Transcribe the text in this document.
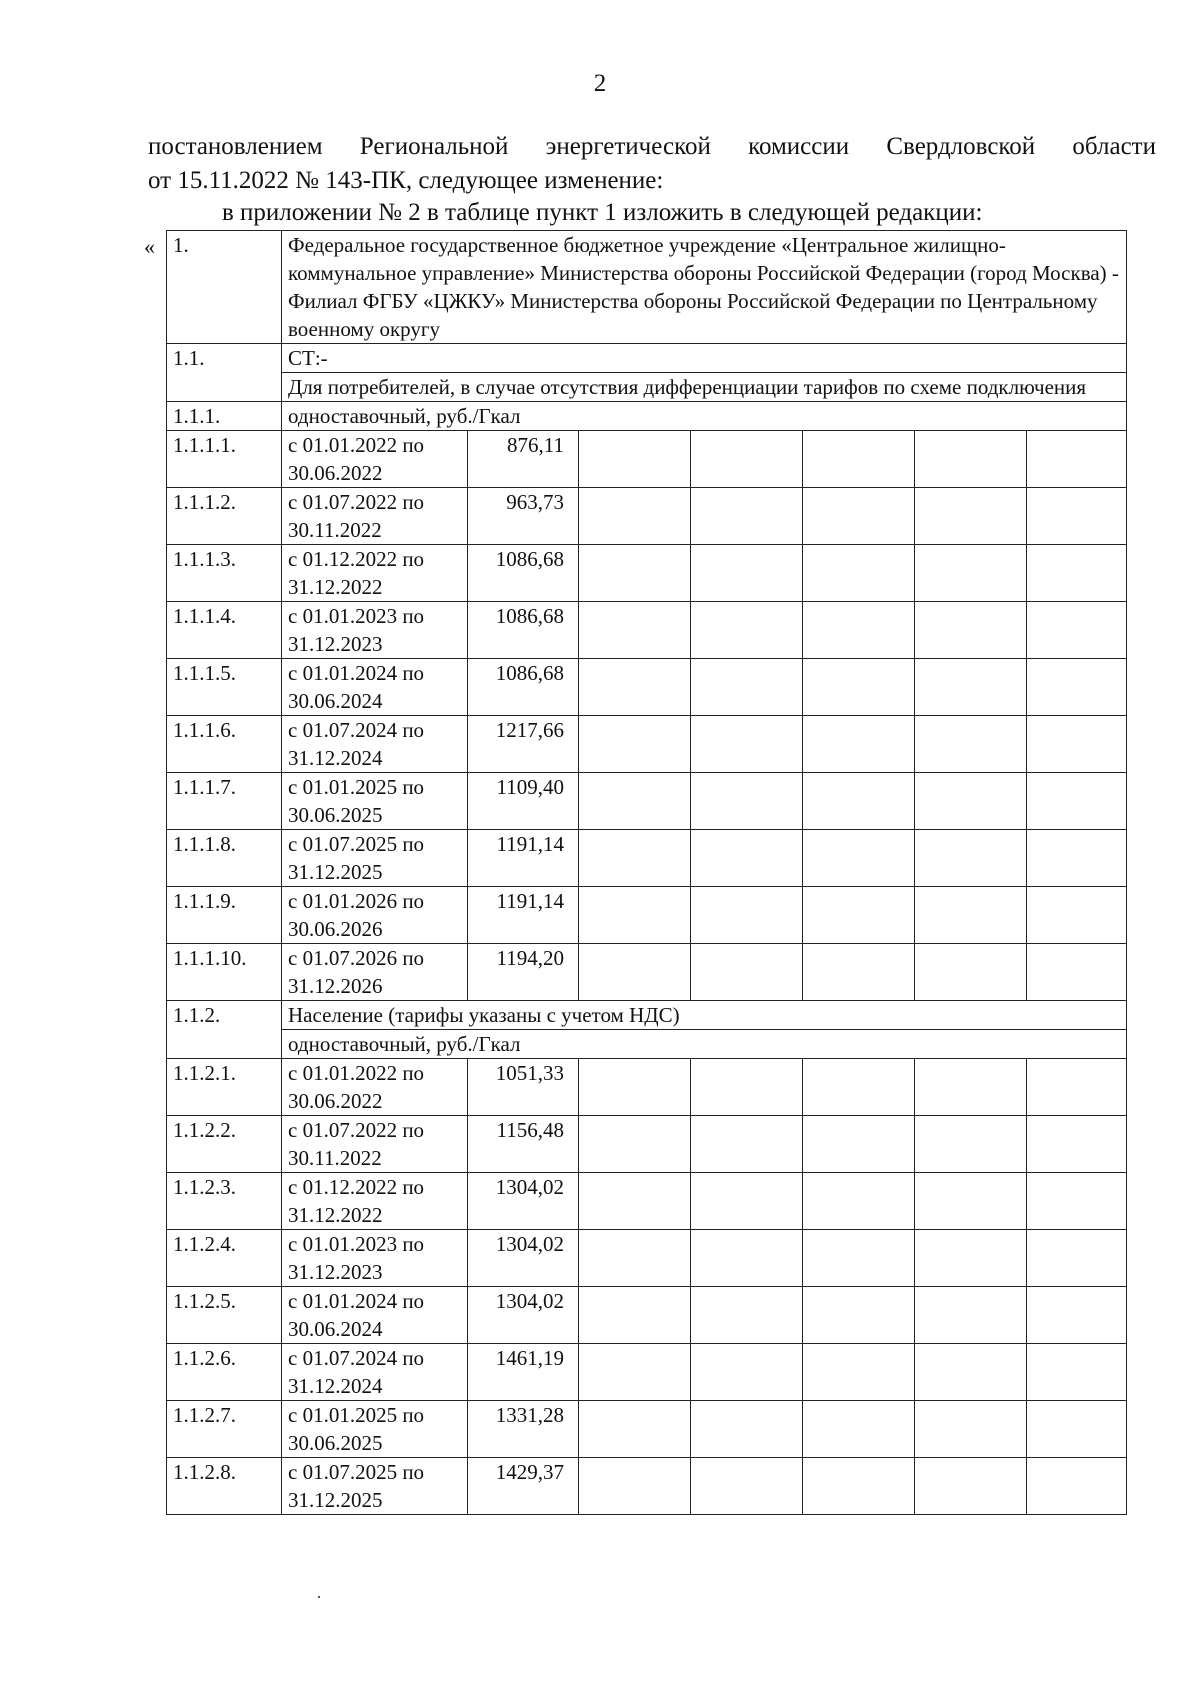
2
постановлением Региональной энергетической комиссии Свердловской области
от 15.11.2022 № 143-ПК, следующее изменение:
в приложении № 2 в таблице пункт 1 изложить в следующей редакции:
« 1.	Федеральное государственное бюджетное учреждение «Центральное жилищно-коммунальное управление» Министерства обороны Российской Федерации (город Москва) - Филиал ФГБУ «ЦЖКУ» Министерства обороны Российской Федерации по Центральному военному округу						
1.1.	СТ:-						
	Для потребителей, в случае отсутствия дифференциации тарифов по схеме подключения						
1.1.1.	одноставочный, руб./Гкал						
1.1.1.1.	с 01.01.2022 по 30.06.2022	876,11					
1.1.1.2.	с 01.07.2022 по 30.11.2022	963,73					
1.1.1.3.	с 01.12.2022 по 31.12.2022	1086,68					
1.1.1.4.	с 01.01.2023 по 31.12.2023	1086,68					
1.1.1.5.	с 01.01.2024 по 30.06.2024	1086,68					
1.1.1.6.	с 01.07.2024 по 31.12.2024	1217,66					
1.1.1.7.	с 01.01.2025 по 30.06.2025	1109,40					
1.1.1.8.	с 01.07.2025 по 31.12.2025	1191,14					
1.1.1.9.	с 01.01.2026 по 30.06.2026	1191,14					
1.1.1.10.	с 01.07.2026 по 31.12.2026	1194,20					
1.1.2.	Население (тарифы указаны с учетом НДС)						
	одноставочный, руб./Гкал						
1.1.2.1.	с 01.01.2022 по 30.06.2022	1051,33					
1.1.2.2.	с 01.07.2022 по 30.11.2022	1156,48					
1.1.2.3.	с 01.12.2022 по 31.12.2022	1304,02					
1.1.2.4.	с 01.01.2023 по 31.12.2023	1304,02					
1.1.2.5.	с 01.01.2024 по 30.06.2024	1304,02					
1.1.2.6.	с 01.07.2024 по 31.12.2024	1461,19					
1.1.2.7.	с 01.01.2025 по 30.06.2025	1331,28					
1.1.2.8.	с 01.07.2025 по 31.12.2025	1429,37					
